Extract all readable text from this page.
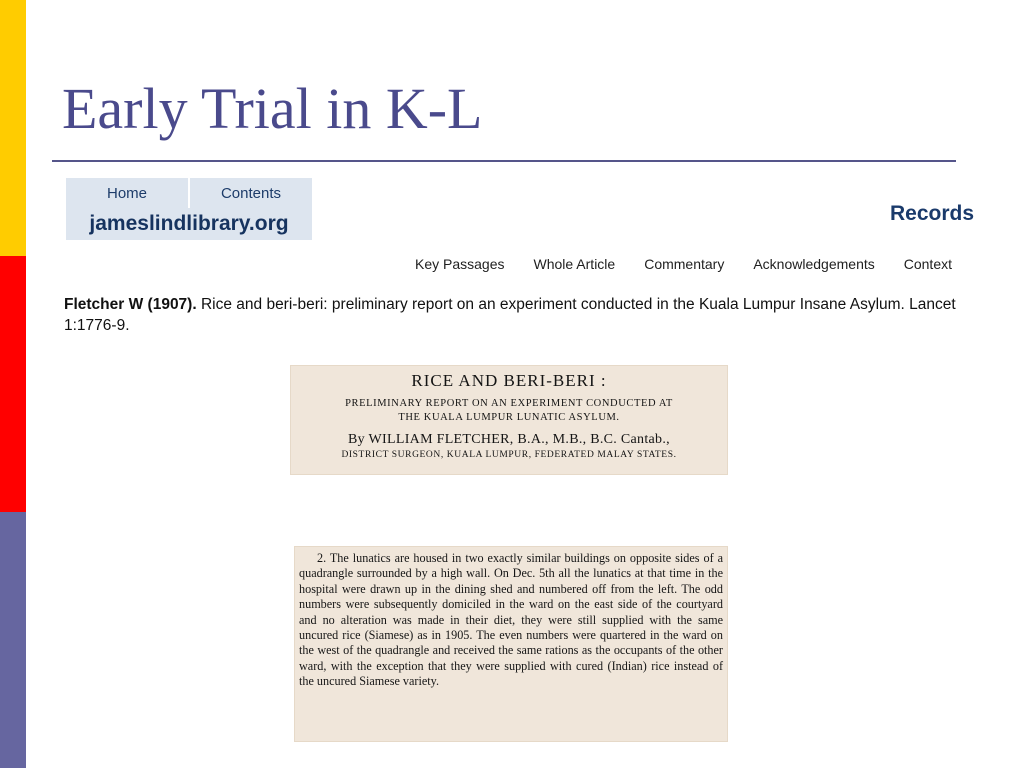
Early Trial in K-L
Home	Contents
jameslindlibrary.org	Records
Key Passages Whole Article Commentary Acknowledgements Context
Fletcher W (1907). Rice and beri-beri: preliminary report on an experiment conducted in the Kuala Lumpur Insane Asylum. Lancet 1:1776-9.
RICE AND BERI-BERI :
PRELIMINARY REPORT ON AN EXPERIMENT CONDUCTED AT
THE KUALA LUMPUR LUNATIC ASYLUM.
By WILLIAM FLETCHER, B.A., M.B., B.C. Cantab.,
DISTRICT SURGEON, KUALA LUMPUR, FEDERATED MALAY STATES.

2. The lunatics are housed in two exactly similar buildings on opposite sides of a quadrangle surrounded by a high wall. On Dec. 5th all the lunatics at that time in the hospital were drawn up in the dining shed and numbered off from the left. The odd numbers were subsequently domiciled in the ward on the east side of the courtyard and no alteration was made in their diet, they were still supplied with the same uncured rice (Siamese) as in 1905. The even numbers were quartered in the ward on the west of the quadrangle and received the same rations as the occupants of the other ward, with the exception that they were supplied with cured (Indian) rice instead of the uncured Siamese variety.
